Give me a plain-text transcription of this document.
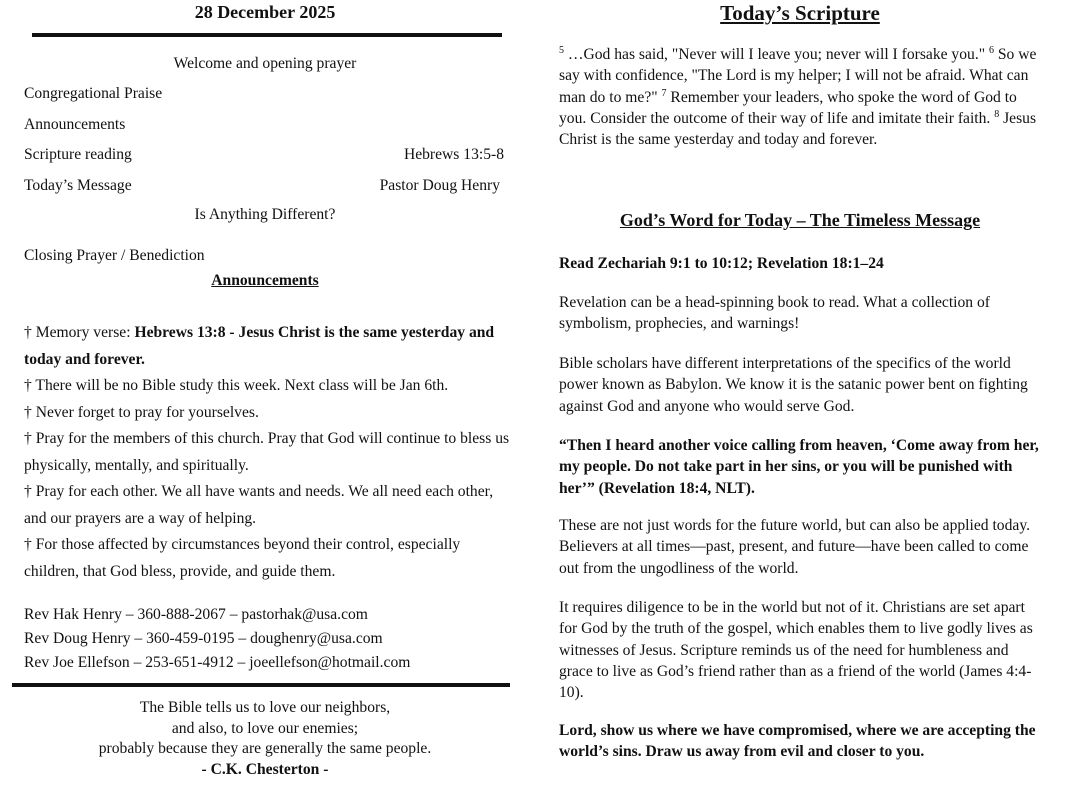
28 December 2025
Welcome and opening prayer
Congregational Praise
Announcements
Scripture reading	Hebrews 13:5-8
Today’s Message	Pastor Doug Henry
Is Anything Different?
Closing Prayer / Benediction
Announcements

† Memory verse: Hebrews 13:8 - Jesus Christ is the same yesterday and today and forever.

† There will be no Bible study this week. Next class will be Jan 6th.

† Never forget to pray for yourselves.

† Pray for the members of this church. Pray that God will continue to bless us physically, mentally, and spiritually.

† Pray for each other. We all have wants and needs. We all need each other, and our prayers are a way of helping.

† For those affected by circumstances beyond their control, especially children, that God bless, provide, and guide them.

Rev Hak Henry – 360-888-2067 – pastorhak@usa.com
Rev Doug Henry – 360-459-0195 – doughenry@usa.com
Rev Joe Ellefson – 253-651-4912 – joeellefson@hotmail.com
The Bible tells us to love our neighbors,
and also, to love our enemies;
probably because they are generally the same people.
- C.K. Chesterton -
Today’s Scripture

$^5$ …God has said, "Never will I leave you; never will I forsake you." $^6$ So we say with confidence, "The Lord is my helper; I will not be afraid. What can man do to me?" $^7$ Remember your leaders, who spoke the word of God to you. Consider the outcome of their way of life and imitate their faith. $^8$ Jesus Christ is the same yesterday and today and forever.

God’s Word for Today – The Timeless Message

Read Zechariah 9:1 to 10:12; Revelation 18:1–24

Revelation can be a head-spinning book to read. What a collection of symbolism, prophecies, and warnings!

Bible scholars have different interpretations of the specifics of the world power known as Babylon. We know it is the satanic power bent on fighting against God and anyone who would serve God.

“Then I heard another voice calling from heaven, ‘Come away from her, my people. Do not take part in her sins, or you will be punished with her’” (Revelation 18:4, NLT).

These are not just words for the future world, but can also be applied today. Believers at all times—past, present, and future—have been called to come out from the ungodliness of the world.

It requires diligence to be in the world but not of it. Christians are set apart for God by the truth of the gospel, which enables them to live godly lives as witnesses of Jesus. Scripture reminds us of the need for humbleness and grace to live as God’s friend rather than as a friend of the world (James 4:4-10).

Lord, show us where we have compromised, where we are accepting the world’s sins. Draw us away from evil and closer to you.
